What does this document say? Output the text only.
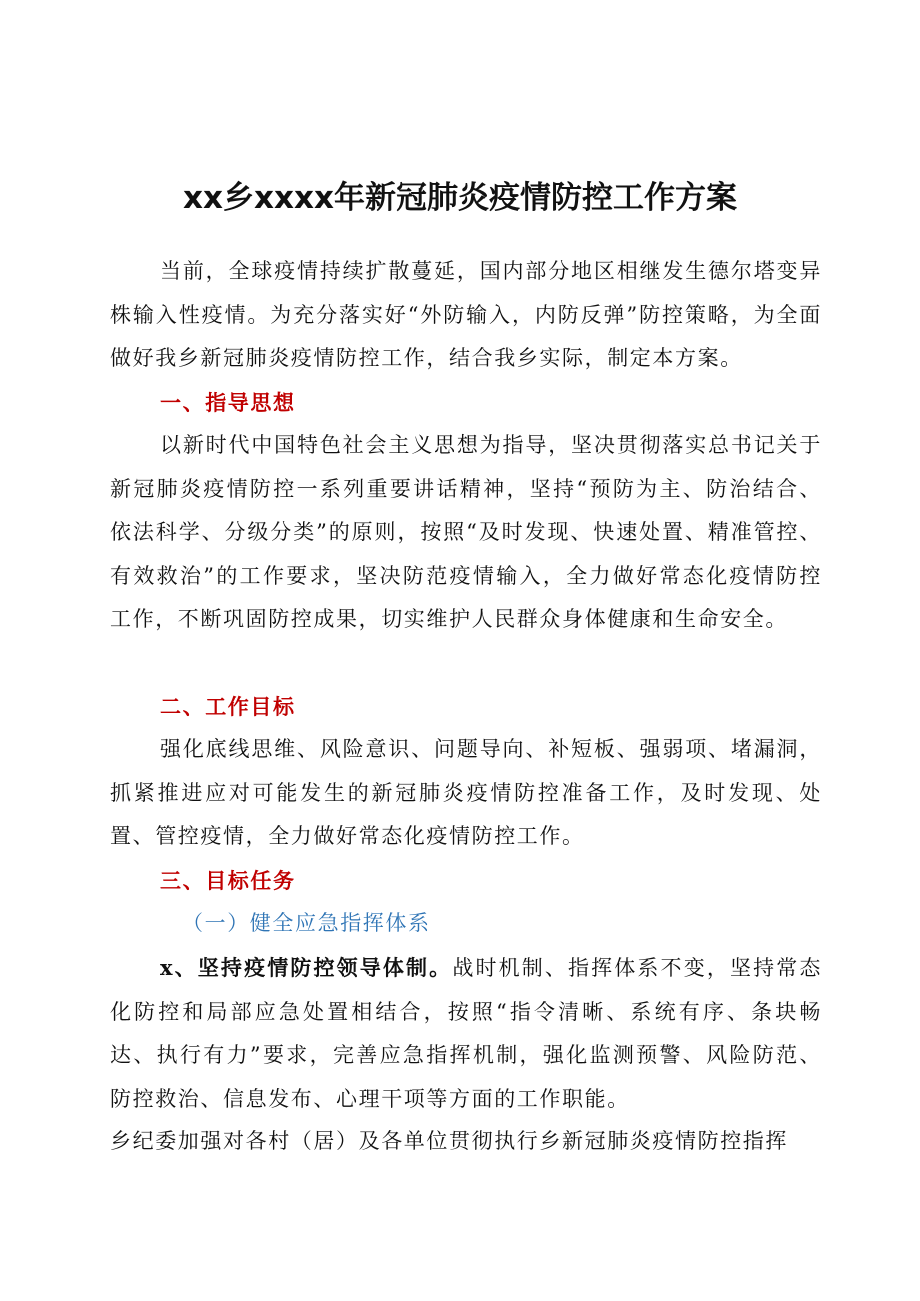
xx乡xxxx年新冠肺炎疫情防控工作方案

当前，全球疫情持续扩散蔓延，国内部分地区相继发生德尔塔变异株输入性疫情。为充分落实好“外防输入，内防反弹”防控策略，为全面做好我乡新冠肺炎疫情防控工作，结合我乡实际，制定本方案。

一、指导思想

以新时代中国特色社会主义思想为指导，坚决贯彻落实总书记关于新冠肺炎疫情防控一系列重要讲话精神，坚持“预防为主、防治结合、依法科学、分级分类”的原则，按照“及时发现、快速处置、精准管控、有效救治”的工作要求，坚决防范疫情输入，全力做好常态化疫情防控工作，不断巩固防控成果，切实维护人民群众身体健康和生命安全。

二、工作目标

强化底线思维、风险意识、问题导向、补短板、强弱项、堵漏洞，抓紧推进应对可能发生的新冠肺炎疫情防控准备工作，及时发现、处置、管控疫情，全力做好常态化疫情防控工作。

三、目标任务

（一）健全应急指挥体系

x、坚持疫情防控领导体制。战时机制、指挥体系不变，坚持常态化防控和局部应急处置相结合，按照“指令清晰、系统有序、条块畅达、执行有力”要求，完善应急指挥机制，强化监测预警、风险防范、防控救治、信息发布、心理干项等方面的工作职能。

乡纪委加强对各村（居）及各单位贯彻执行乡新冠肺炎疫情防控指挥
